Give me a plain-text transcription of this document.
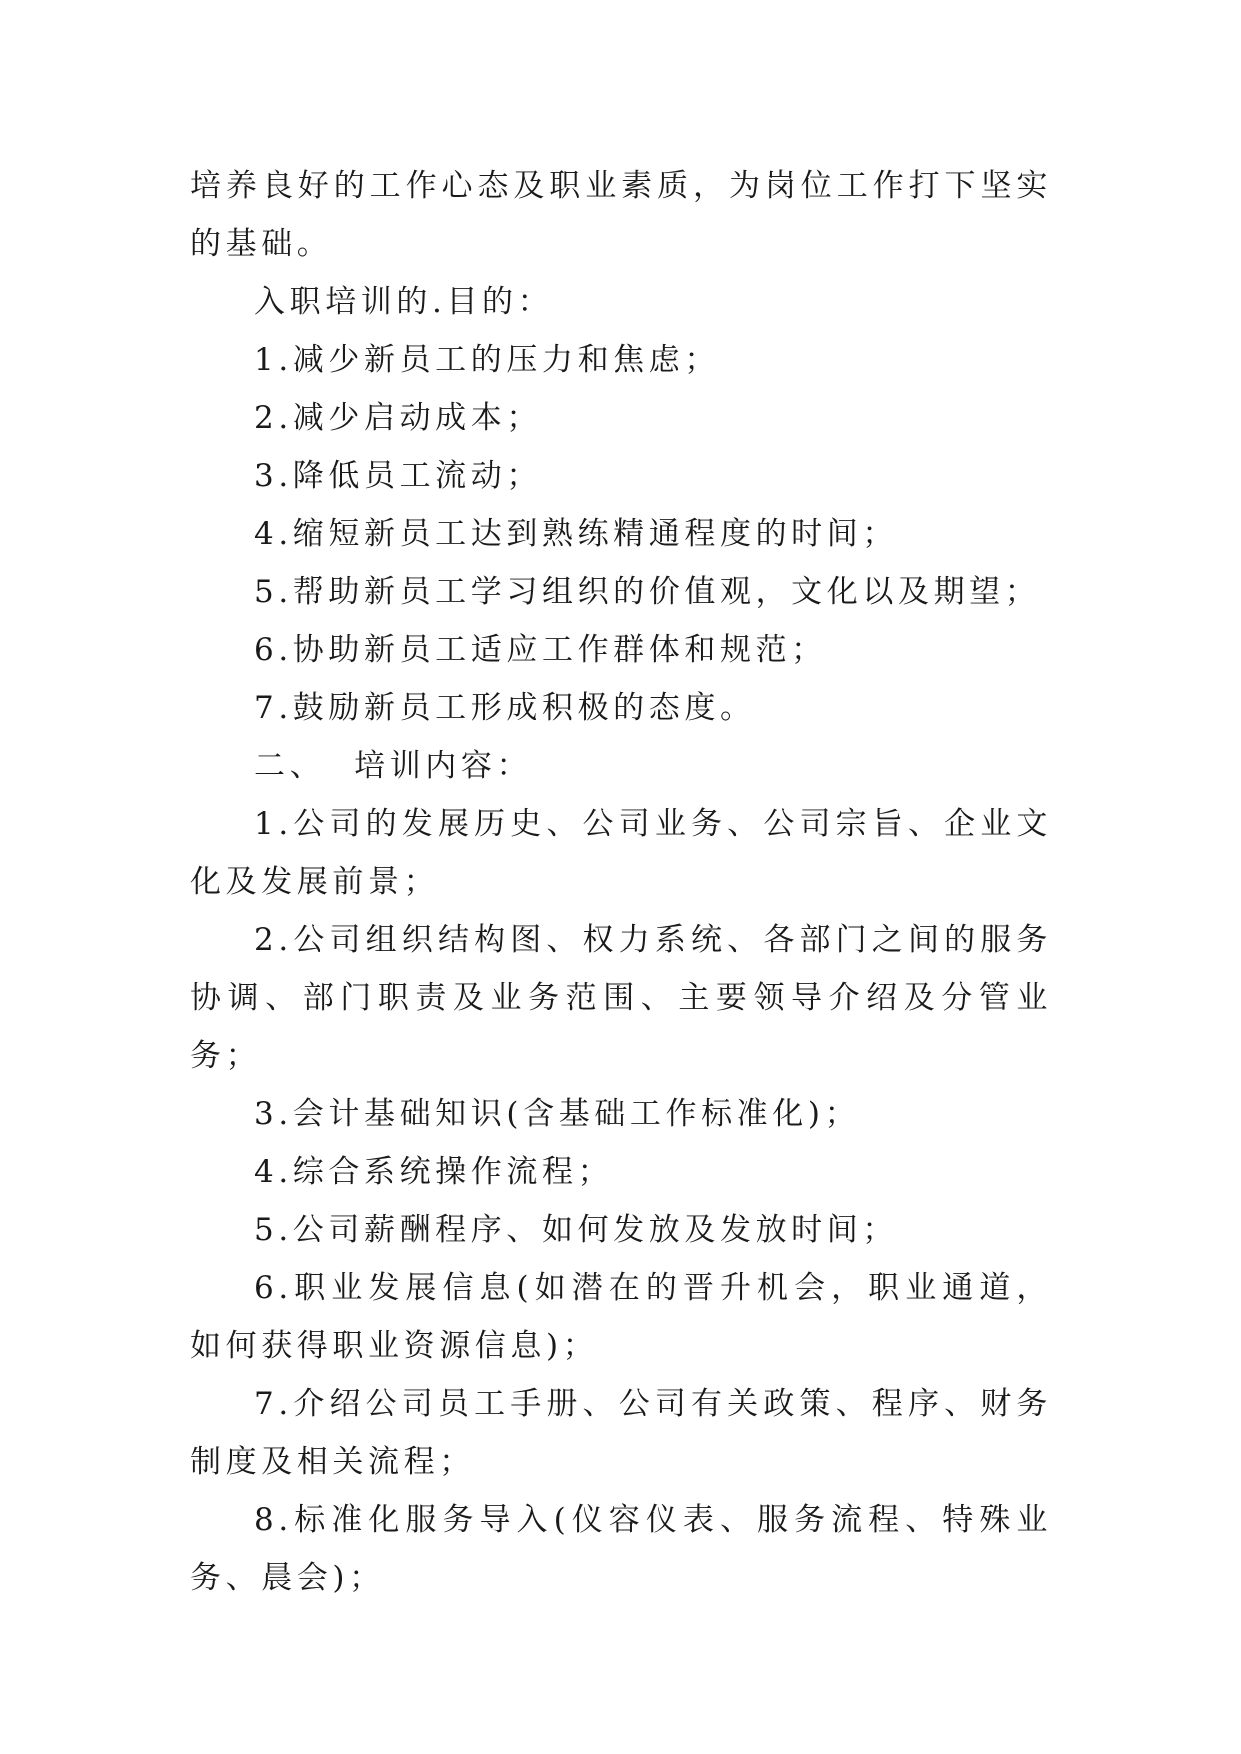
培养良好的工作心态及职业素质，为岗位工作打下坚实的基础。

入职培训的.目的：

1.减少新员工的压力和焦虑；

2.减少启动成本；

3.降低员工流动；

4.缩短新员工达到熟练精通程度的时间；

5.帮助新员工学习组织的价值观，文化以及期望；

6.协助新员工适应工作群体和规范；

7.鼓励新员工形成积极的态度。

二、  培训内容：

1.公司的发展历史、公司业务、公司宗旨、企业文化及发展前景；

2.公司组织结构图、权力系统、各部门之间的服务协调、部门职责及业务范围、主要领导介绍及分管业务；

3.会计基础知识(含基础工作标准化)；

4.综合系统操作流程；

5.公司薪酬程序、如何发放及发放时间；

6.职业发展信息(如潜在的晋升机会，职业通道，如何获得职业资源信息)；

7.介绍公司员工手册、公司有关政策、程序、财务制度及相关流程；

8.标准化服务导入(仪容仪表、服务流程、特殊业务、晨会)；
